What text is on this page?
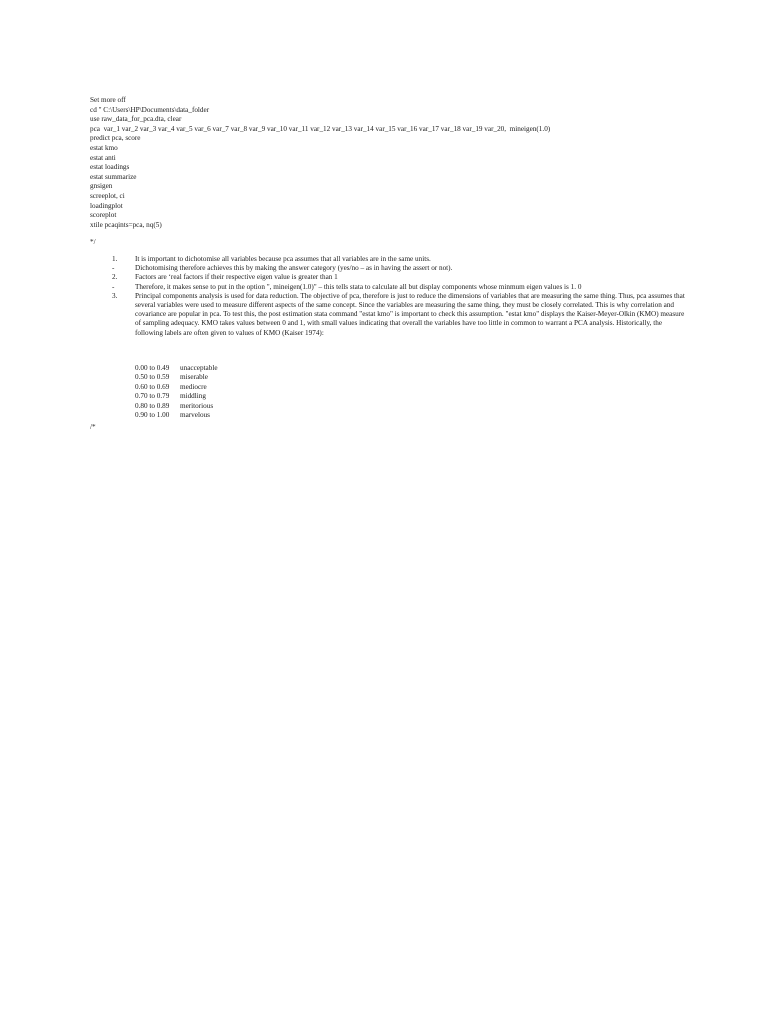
Set more off
cd " C:\Users\HP\Documents\data_folder
use raw_data_for_pca.dta, clear
pca  var_1 var_2 var_3 var_4 var_5 var_6 var_7 var_8 var_9 var_10 var_11 var_12 var_13 var_14 var_15 var_16 var_17 var_18 var_19 var_20,  mineigen(1.0)
predict pca, score
estat kmo
estat anti
estat loadings
estat summarize
gnsigen
screeplot, ci
loadingplot
scoreplot
xtile pcaqints=pca, nq(5)
*/
1.	It is important to dichotomise all variables because pca assumes that all variables are in the same units.
-	Dichotomising therefore achieves this by making the answer category (yes/no – as in having the assert or not).
2.	Factors are ‘real factors if their respective eigen value is greater than 1
-	Therefore, it makes sense to put in the option ", mineigen(1.0)" – this tells stata to calculate all but display components whose minmum eigen values is 1. 0
3.	Principal components analysis is used for data reduction. The objective of pca, therefore is just to reduce the dimensions of variables that are measuring the same thing. Thus, pca assumes that several variables were used to measure different aspects of the same concept. Since the variables are measuring the same thing, they must be closely correlated. This is why correlation and covariance are popular in pca. To test this, the post estimation stata command "estat kmo" is important to check this assumption. "estat kmo" displays the Kaiser-Meyer-Olkin (KMO) measure of sampling adequacy. KMO takes values between 0 and 1, with small values indicating that overall the variables have too little in common to warrant a PCA analysis. Historically, the following labels are often given to values of KMO (Kaiser 1974):
0.00 to 0.49	unacceptable
0.50 to 0.59	miserable
0.60 to 0.69	mediocre
0.70 to 0.79	middling
0.80 to 0.89	meritorious
0.90 to 1.00	marvelous
/*
